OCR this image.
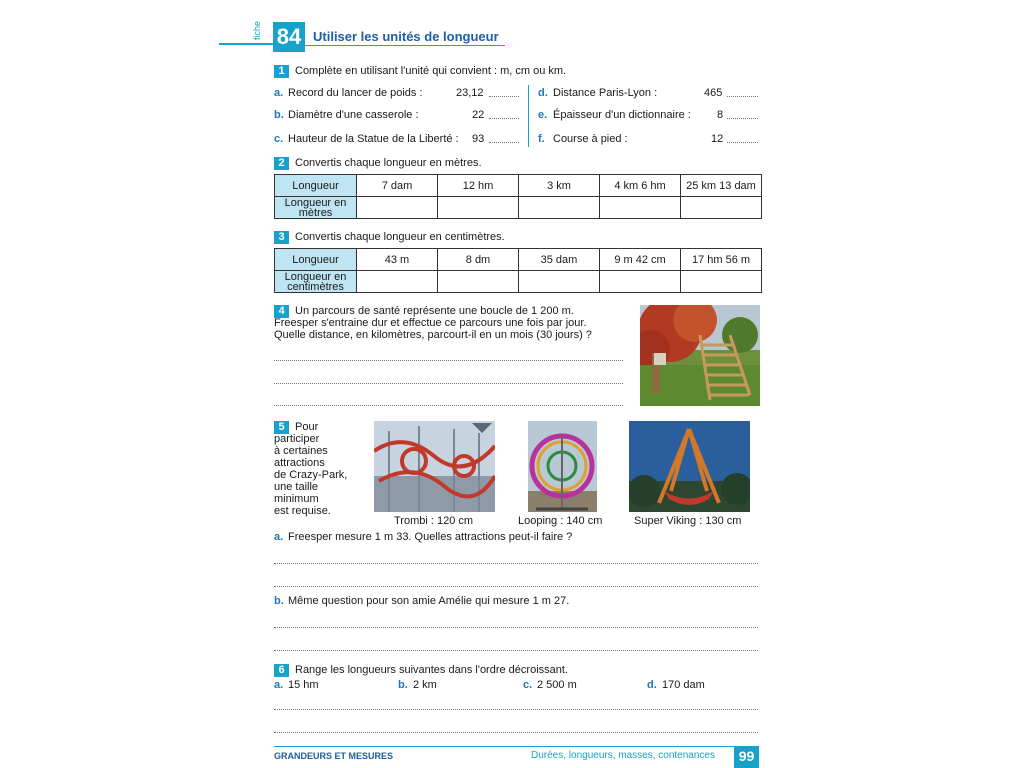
fiche 84 Utiliser les unités de longueur
1 Complète en utilisant l'unité qui convient : m, cm ou km.
a. Record du lancer de poids :	23,12
b. Diamètre d'une casserole :	22
c. Hauteur de la Statue de la Liberté : 93
d. Distance Paris-Lyon :	465
e. Épaisseur d'un dictionnaire : 8
f. Course à pied :	12
2 Convertis chaque longueur en mètres.
Longueur	7 dam	12 hm	3 km	4 km 6 hm	25 km 13 dam
Longueur en mètres					
3 Convertis chaque longueur en centimètres.
Longueur	43 m	8 dm	35 dam	9 m 42 cm	17 hm 56 m
Longueur en centimètres					
4 Un parcours de santé représente une boucle de 1 200 m.
Freesper s'entraine dur et effectue ce parcours une fois par jour.
Quelle distance, en kilomètres, parcourt-il en un mois (30 jours) ?
5 Pour
participer
à certaines
attractions
de Crazy-Park,
une taille
minimum
est requise.
Trombi : 120 cm	Looping : 140 cm	Super Viking : 130 cm
a. Freesper mesure 1 m 33. Quelles attractions peut-il faire ?
b. Même question pour son amie Amélie qui mesure 1 m 27.
6 Range les longueurs suivantes dans l'ordre décroissant.
a. 15 hm	b. 2 km	c. 2 500 m	d. 170 dam
GRANDEURS ET MESURES	Durées, longueurs, masses, contenances	99
